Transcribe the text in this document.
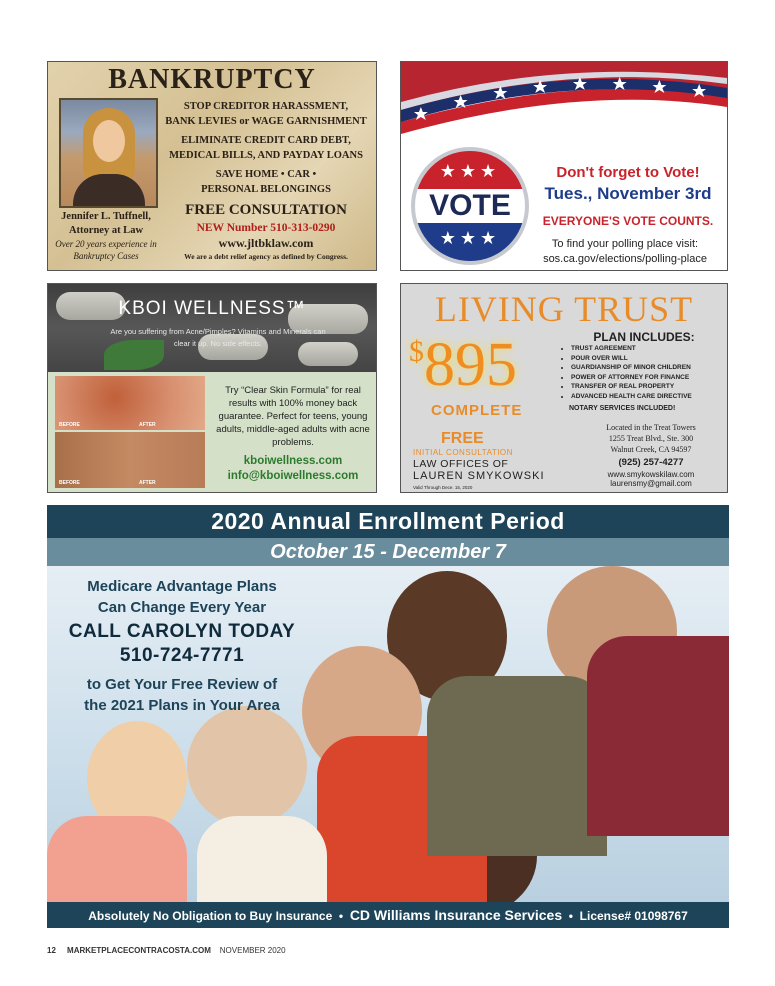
BANKRUPTCY
STOP CREDITOR HARASSMENT,
BANK LEVIES or WAGE GARNISHMENT
ELIMINATE CREDIT CARD DEBT,
MEDICAL BILLS, AND PAYDAY LOANS
SAVE HOME • CAR •
PERSONAL BELONGINGS
Jennifer L. Tuffnell,
Attorney at Law
Over 20 years experience in
Bankruptcy Cases
FREE CONSULTATION
NEW Number 510-313-0290
www.jltbklaw.com
We are a debt relief agency as defined by Congress.
★★★
VOTE
★★★
Don't forget to Vote!
Tues., November 3rd
EVERYONE'S VOTE COUNTS.
To find your polling place visit:
sos.ca.gov/elections/polling-place
KBOI WELLNESS™
Are you suffering from Acne/Pimples? Vitamins and Minerals can
clear it up. No side effects.
BEFORE	AFTER
BEFORE	AFTER
Try “Clear Skin Formula” for real results with 100% money back guarantee. Perfect for teens, young adults, middle-aged adults with acne problems.
kboiwellness.com
info@kboiwellness.com
LIVING TRUST
$895
COMPLETE
PLAN INCLUDES:
• TRUST AGREEMENT
• POUR OVER WILL
• GUARDIANSHIP OF MINOR CHILDREN
• POWER OF ATTORNEY FOR FINANCE
• TRANSFER OF REAL PROPERTY
• ADVANCED HEALTH CARE DIRECTIVE
NOTARY SERVICES INCLUDED!
FREE
INITIAL CONSULTATION
LAW OFFICES OF
LAUREN SMYKOWSKI
Valid Through Dece. 15, 2020
Located in the Treat Towers
1255 Treat Blvd., Ste. 300
Walnut Creek, CA 94597
(925) 257-4277
www.smykowskilaw.com
laurensmy@gmail.com
2020 Annual Enrollment Period
October 15 - December 7
Medicare Advantage Plans
Can Change Every Year
CALL CAROLYN TODAY
510-724-7771
to Get Your Free Review of
the 2021 Plans in Your Area
Absolutely No Obligation to Buy Insurance  •  CD Williams Insurance Services  •  License# 01098767
12 MARKETPLACECONTRACOSTA.COM NOVEMBER 2020
